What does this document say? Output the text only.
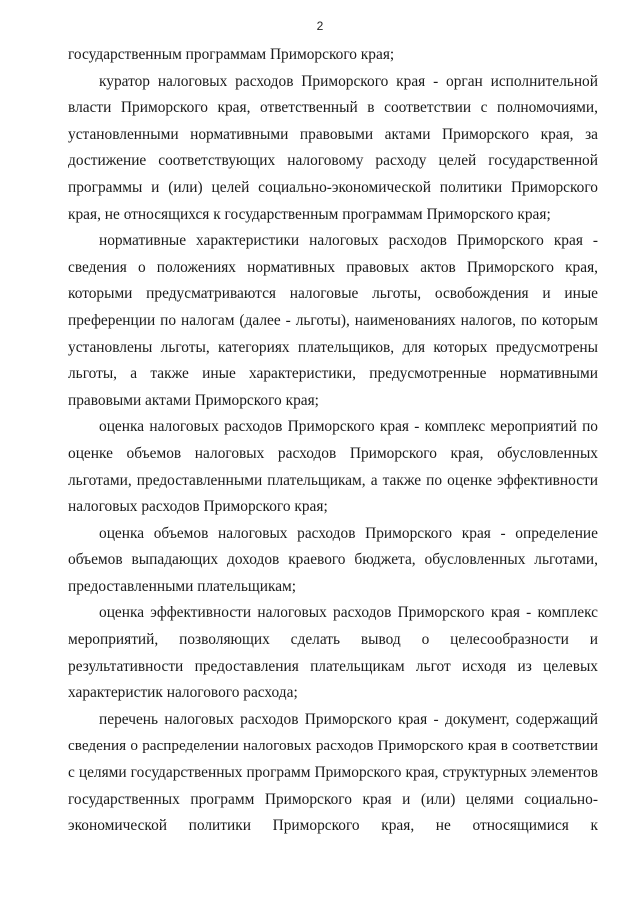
2
государственным программам Приморского края;
куратор налоговых расходов Приморского края - орган исполнительной
власти Приморского края, ответственный в соответствии с полномочиями,
установленными нормативными правовыми актами Приморского края, за
достижение соответствующих налоговому расходу целей государственной
программы и (или) целей социально-экономической политики Приморского
края, не относящихся к государственным программам Приморского края;
нормативные характеристики налоговых расходов Приморского края -
сведения о положениях нормативных правовых актов Приморского края,
которыми предусматриваются налоговые льготы, освобождения и иные
преференции по налогам (далее - льготы), наименованиях налогов, по которым
установлены льготы, категориях плательщиков, для которых предусмотрены
льготы, а также иные характеристики, предусмотренные нормативными
правовыми актами Приморского края;
оценка налоговых расходов Приморского края - комплекс мероприятий по
оценке объемов налоговых расходов Приморского края, обусловленных
льготами, предоставленными плательщикам, а также по оценке эффективности
налоговых расходов Приморского края;
оценка объемов налоговых расходов Приморского края - определение
объемов выпадающих доходов краевого бюджета, обусловленных льготами,
предоставленными плательщикам;
оценка эффективности налоговых расходов Приморского края - комплекс
мероприятий, позволяющих сделать вывод о целесообразности и
результативности предоставления плательщикам льгот исходя из целевых
характеристик налогового расхода;
перечень налоговых расходов Приморского края - документ, содержащий
сведения о распределении налоговых расходов Приморского края в соответствии
с целями государственных программ Приморского края, структурных элементов
государственных программ Приморского края и (или) целями социально-
экономической политики Приморского края, не относящимися к
